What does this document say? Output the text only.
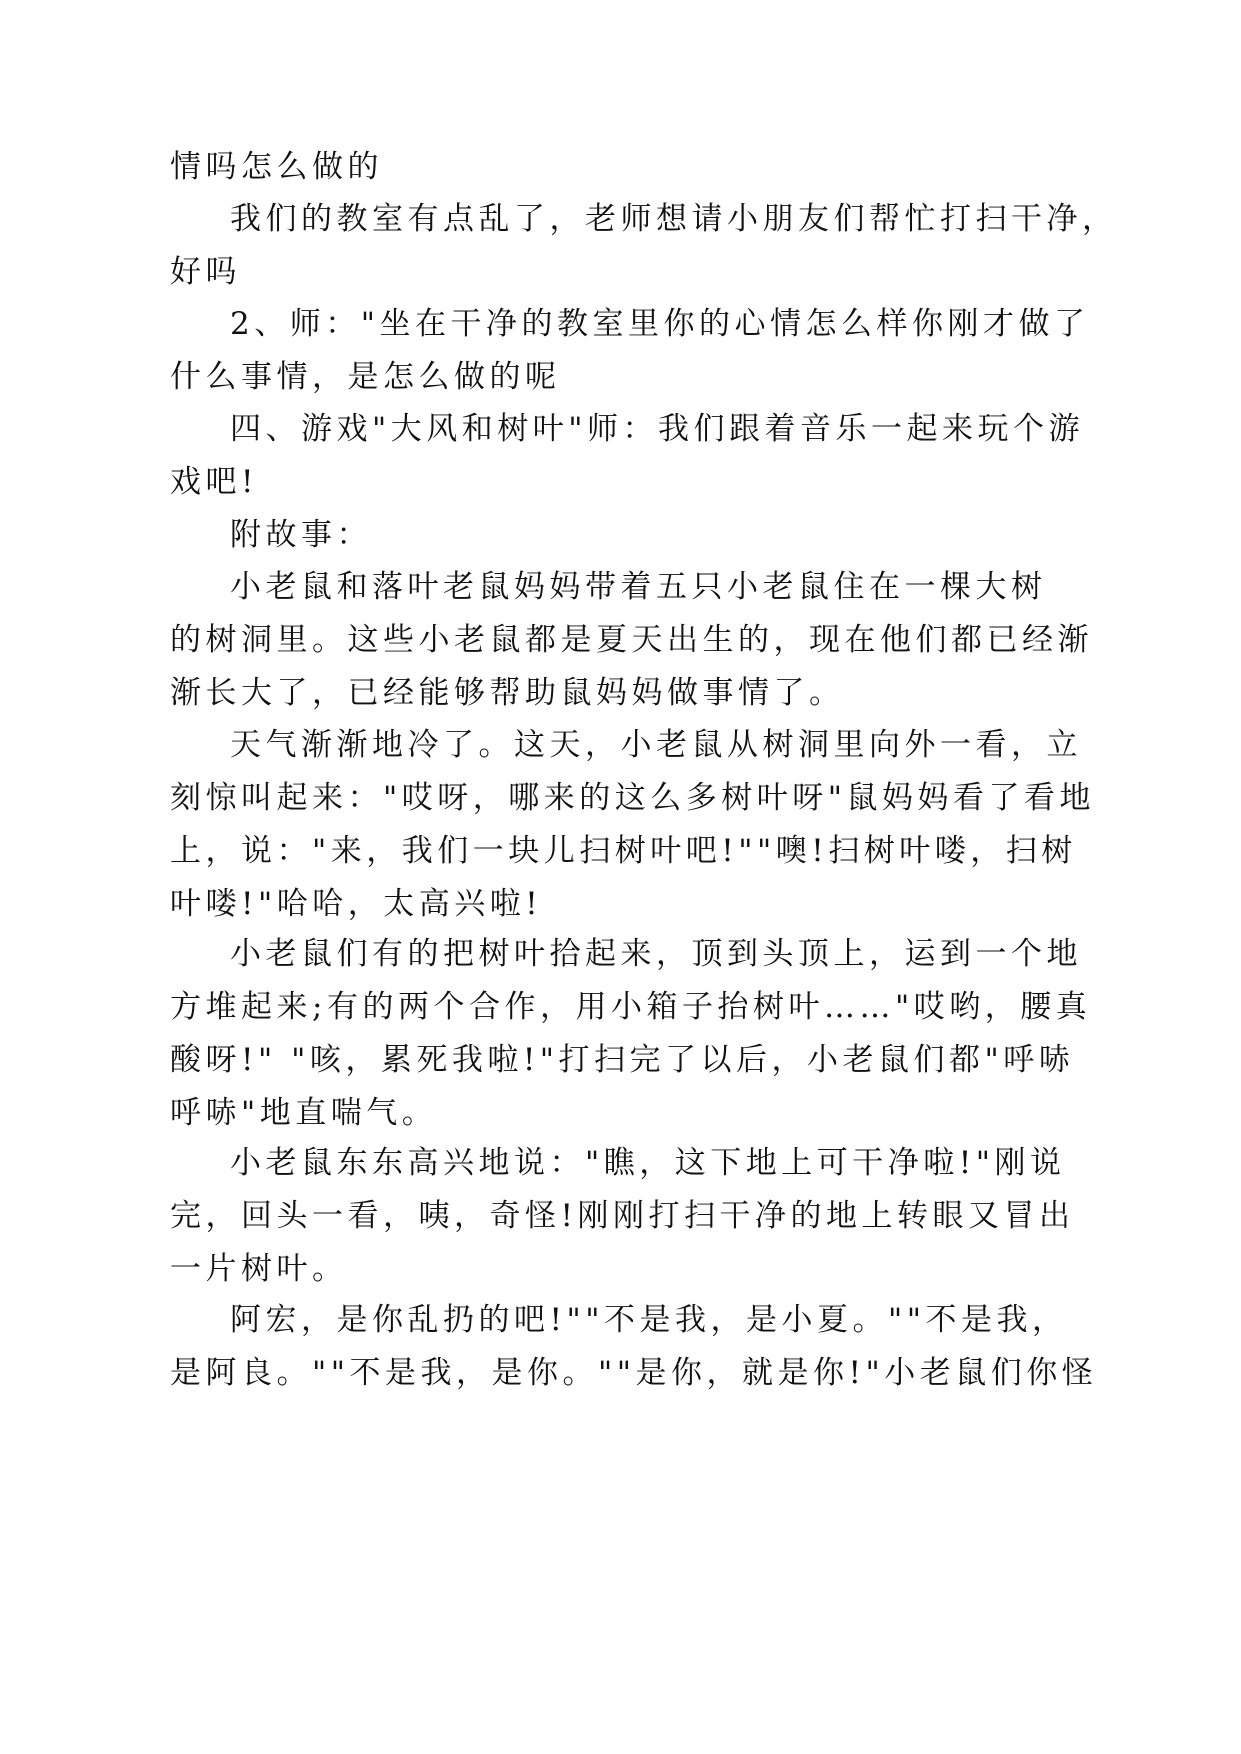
情吗怎么做的
我们的教室有点乱了，老师想请小朋友们帮忙打扫干净，
好吗
2、师："坐在干净的教室里你的心情怎么样你刚才做了
什么事情，是怎么做的呢
四、游戏"大风和树叶"师：我们跟着音乐一起来玩个游
戏吧!
附故事：
小老鼠和落叶老鼠妈妈带着五只小老鼠住在一棵大树
的树洞里。这些小老鼠都是夏天出生的，现在他们都已经渐
渐长大了，已经能够帮助鼠妈妈做事情了。
天气渐渐地冷了。这天，小老鼠从树洞里向外一看，立
刻惊叫起来："哎呀，哪来的这么多树叶呀"鼠妈妈看了看地
上，说："来，我们一块儿扫树叶吧!""噢!扫树叶喽，扫树
叶喽!"哈哈，太高兴啦!
小老鼠们有的把树叶拾起来，顶到头顶上，运到一个地
方堆起来;有的两个合作，用小箱子抬树叶……"哎哟，腰真
酸呀!" "咳，累死我啦!"打扫完了以后，小老鼠们都"呼哧
呼哧"地直喘气。
小老鼠东东高兴地说："瞧，这下地上可干净啦!"刚说
完，回头一看，咦，奇怪!刚刚打扫干净的地上转眼又冒出
一片树叶。
阿宏，是你乱扔的吧!""不是我，是小夏。""不是我，
是阿良。""不是我，是你。""是你，就是你!"小老鼠们你怪
